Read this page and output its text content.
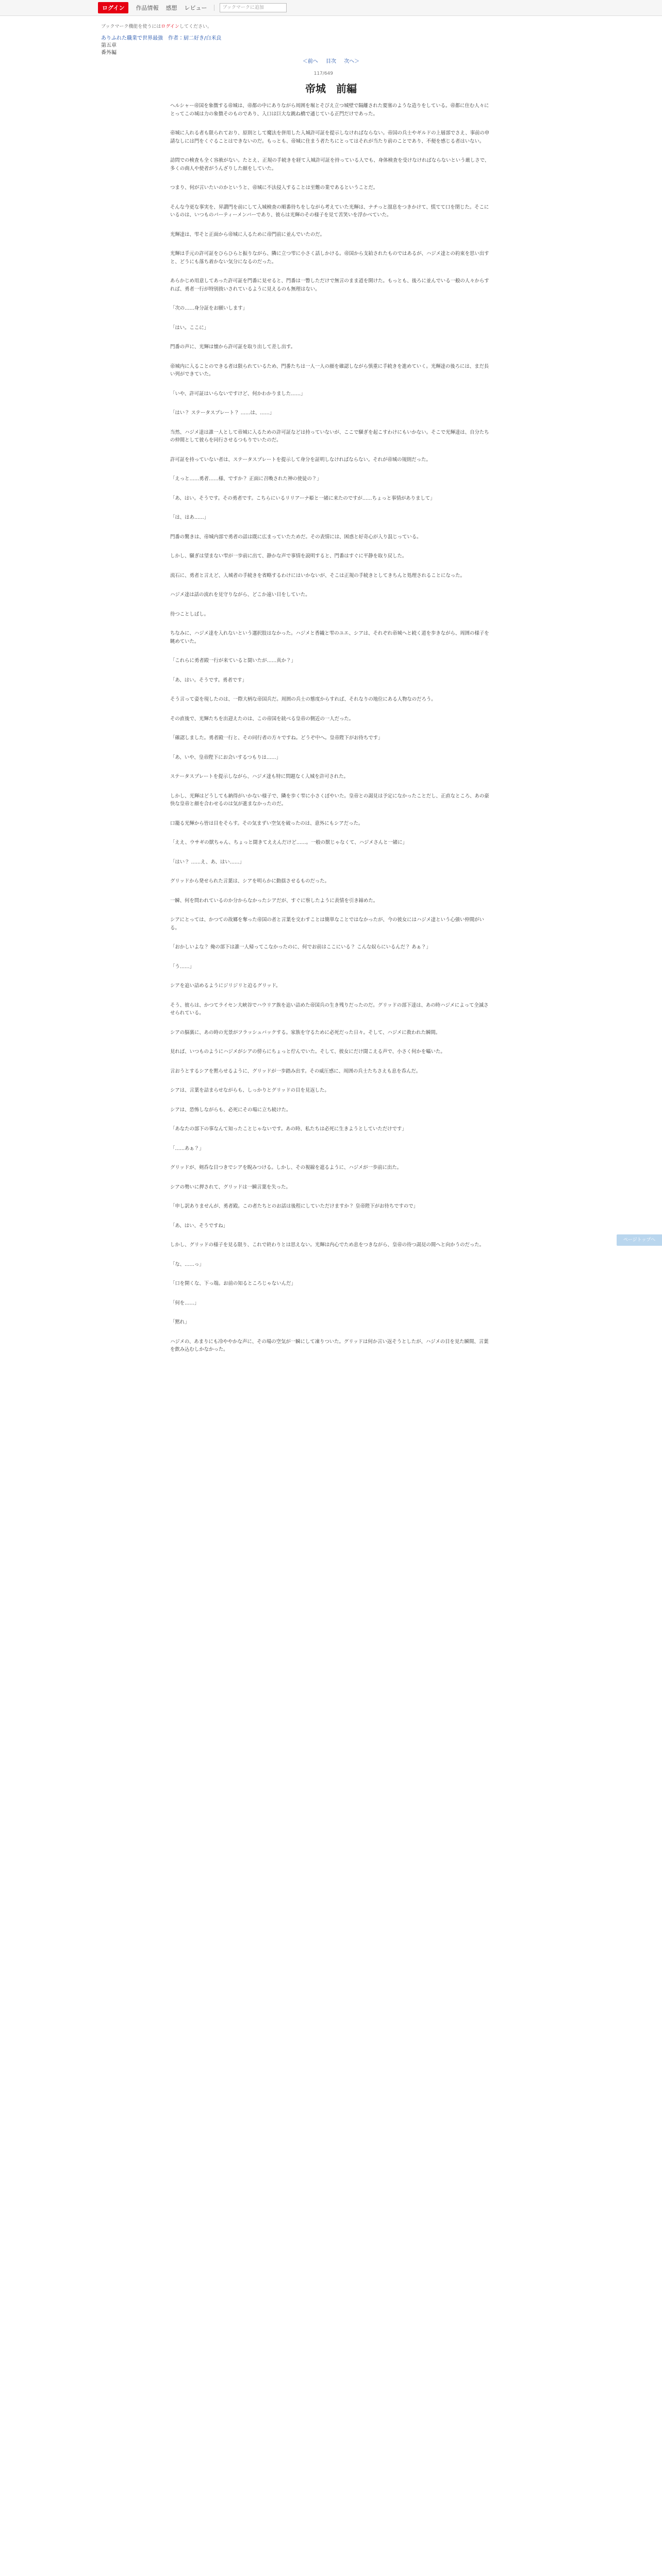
ログイン	作品情報 感想 レビュー	ブックマークに追加
ブックマーク機能を使うにはログインしてください。
ありふれた職業で世界最強　作者：厨二好き/白米良
第五章
番外編
＜前へ 目次 次へ＞
117/649
帝城　前編

ヘルシャー帝国を象徴する帝城は、帝都の中にありながら周囲を堀とそびえ立つ城壁で隔離された要塞のような造りをしている。帝都に住む人々にとってこの城は力の象徴そのものであり、入口は巨大な跳ね橋で通じている正門だけであった。

帝城に入れる者も限られており、原則として魔法を併用した入城許可証を提示しなければならない。帝国の兵士やギルドの上層部でさえ、事前の申請なしには門をくぐることはできないのだ。もっとも、帝城に住まう者たちにとってはそれが当たり前のことであり、不便を感じる者はいない。

訪問での検査も全く容赦がない。たとえ、正規の手続きを経て入城許可証を持っている人でも、身体検査を受けなければならないという厳しさで、多くの商人や使者がうんざりした顔をしていた。

つまり、何が言いたいのかというと、帝城に不法侵入することは至難の業であるということだ。

そんな今更な事実を、昇讃門を前にして入城検査の順番待ちをしながら考えていた光輝は、ナチっと溜息をつきかけて、慌てて口を閉じた。そこにいるのは、いつものパーティーメンバーであり、彼らは光輝のその様子を見て苦笑いを浮かべていた。

光輝達は、雫そと正面から帝城に入るために帝門前に並んでいたのだ。

光輝は手元の許可証をひらひらと振りながら、隣に立つ雫に小さく話しかける。帝国から支給されたものではあるが、ハジメ達との約束を思い出すと、どうにも落ち着かない気分になるのだった。

あらかじめ用意してあった許可証を門番に見せると、門番は一瞥しただけで無言のまま道を開けた。もっとも、後ろに並んでいる一般の人々からすれば、勇者一行が特別扱いされているように見えるのも無理はない。

「次の……身分証をお願いします」

「はい。ここに」

門番の声に、光輝は懐から許可証を取り出して差し出す。

帝城内に入ることのできる者は限られているため、門番たちは一人一人の顔を確認しながら慎重に手続きを進めていく。光輝達の後ろには、まだ長い列ができていた。

「いや、許可証はいらないですけど、何かわかりました……」

「はい？ ステータスプレート？ ……は、……」

当然、ハジメ達は誰一人として帝城に入るための許可証などは持っていないが、ここで騒ぎを起こすわけにもいかない。そこで光輝達は、自分たちの仲間として彼らを同行させるつもりでいたのだ。

許可証を持っていない者は、ステータスプレートを提示して身分を証明しなければならない。それが帝城の規則だった。

「えっと……勇者……様、ですか？ 正面に召喚された神の使徒の？」

「あ、はい。そうです。その勇者です。こちらにいるリリアーナ姫と一緒に来たのですが……ちょっと事情がありまして」

「は、はあ……」

門番の驚きは、帝城内部で勇者の話は既に広まっていたためだ。その表情には、困惑と好奇心が入り混じっている。

しかし、騒ぎは望まない雫が一歩前に出て、静かな声で事情を説明すると、門番はすぐに平静を取り戻した。

流石に、勇者と言えど、入城者の手続きを省略するわけにはいかないが、そこは正規の手続きとしてきちんと処理されることになった。

ハジメ達は話の流れを見守りながら、どこか遠い目をしていた。

待つことしばし。

ちなみに、ハジメ達を入れないという選択肢はなかった。ハジメと香織と雫のユエ、シアは、それぞれ帝城へと続く道を歩きながら、周囲の様子を眺めていた。

「これらに勇者殿一行が来ていると聞いたが……真か？」

「あ、はい。そうです。勇者です」

そう言って姿を現したのは、一際大柄な帝国兵だ。周囲の兵士の態度からすれば、それなりの地位にある人物なのだろう。

その直後で、光輝たちを出迎えたのは、この帝国を統べる皇帝の側近の一人だった。

「確認しました。勇者殿一行と、その同行者の方々ですね。どうぞ中へ。皇帝陛下がお待ちです」

「あ、いや、皇帝陛下にお会いするつもりは……」

ステータスプレートを提示しながら、ハジメ達も特に問題なく入城を許可された。

しかし、光輝はどうしても納得がいかない様子で、隣を歩く雫に小さくぼやいた。皇帝との謁見は予定になかったことだし、正直なところ、あの豪快な皇帝と顔を合わせるのは気が進まなかったのだ。

口籠る光輝から皆は目をそらす。その気まずい空気を破ったのは、意外にもシアだった。

「ええ、ウサギの獣ちゃん、ちょっと聞きてええんだけど……。一般の獣じゃなくて、ハジメさんと一緒に」

「はい？ ……え、あ、はい……」

グリッドから発せられた言葉は、シアを明らかに動揺させるものだった。

一瞬、何を問われているのか分からなかったシアだが、すぐに察したように表情を引き締めた。

シアにとっては、かつての故郷を奪った帝国の者と言葉を交わすことは簡単なことではなかったが、今の彼女にはハジメ達という心強い仲間がいる。

「おかしいよな？ 俺の部下は誰一人帰ってこなかったのに、何でお前はここにいる？ こんな奴らにいるんだ？ あぁ？」

「う……」

シアを追い詰めるようにジリジリと迫るグリッド。

そう、彼らは、かつてライセン大峡谷でハウリア族を追い詰めた帝国兵の生き残りだったのだ。グリッドの部下達は、あの時ハジメによって全滅させられている。

シアの脳裏に、あの時の光景がフラッシュバックする。家族を守るために必死だった日々。そして、ハジメに救われた瞬間。

見れば、いつものようにハジメがシアの傍らにちょっと佇んでいた。そして、彼女にだけ聞こえる声で、小さく何かを囁いた。

言おうとするシアを黙らせるように、グリッドが一歩踏み出す。その威圧感に、周囲の兵士たちさえも息を呑んだ。

シアは、言葉を詰まらせながらも、しっかりとグリッドの目を見返した。

シアは、恐怖しながらも、必死にその場に立ち続けた。

「あなたの部下の事なんて知ったことじゃないです。あの時、私たちは必死に生きようとしていただけです」

「……あぁ？」

グリッドが、剣呑な目つきでシアを睨みつける。しかし、その視線を遮るように、ハジメが一歩前に出た。

シアの勢いに押されて、グリッドは一瞬言葉を失った。

「申し訳ありませんが、勇者殿。この者たちとのお話は後程にしていただけますか？ 皇帝陛下がお待ちですので」

「あ、はい、そうですね」

しかし、グリッドの様子を見る限り、これで終わりとは思えない。光輝は内心でため息をつきながら、皇帝の待つ謁見の間へと向かうのだった。

「な、……っ」

「口を開くな、下っ端。お前の知るところじゃないんだ」

「何を……」

「黙れ」

ハジメの、あまりにも冷ややかな声に、その場の空気が一瞬にして凍りついた。グリッドは何か言い返そうとしたが、ハジメの目を見た瞬間、言葉を飲み込むしかなかった。

ページトップへ
